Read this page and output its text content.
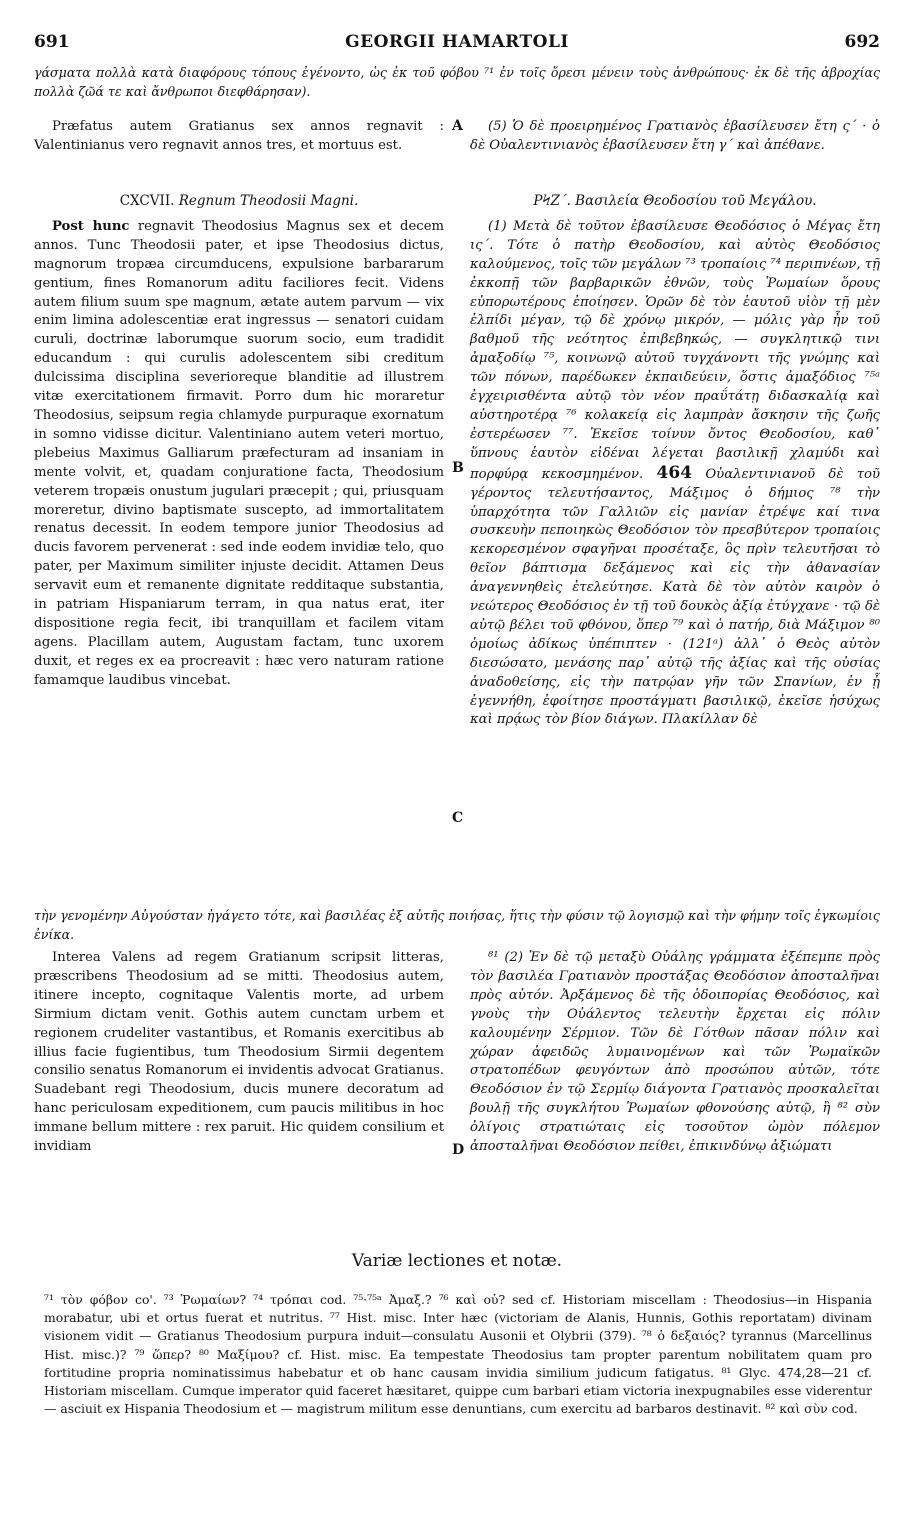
691	GEORGII HAMARTOLI	692
γάσματα πολλὰ κατὰ διαφόρους τόπους ἐγένοντο, ὡς ἐκ τοῦ φόβου ⁷¹ ἐν τοῖς ὄρεσι μένειν τοὺς ἀνθρώπους· ἐκ δὲ τῆς ἀβροχίας πολλὰ ζῶά τε καὶ ἄνθρωποι διεφθάρησαν).

Præfatus autem Gratianus sex annos regnavit : Valentinianus vero regnavit annos tres, et mortuus est.

(5) Ὁ δὲ προειρημένος Γρατιανὸς ἐβασίλευσεν ἔτη ς΄ · ὁ δὲ Οὐαλεντινιανὸς ἐβασίλευσεν ἔτη γ΄ καὶ ἀπέθανε.

A
CXCVII. Regnum Theodosii Magni.

Post hunc regnavit Theodosius Magnus sex et decem annos. Tunc Theodosii pater, et ipse Theodosius dictus, magnorum tropæa circumducens, expulsione barbararum gentium, fines Romanorum aditu faciliores fecit. Videns autem filium suum spe magnum, ætate autem parvum — vix enim limina adolescentiæ erat ingressus — senatori cuidam curuli, doctrinæ laborumque suorum socio, eum tradidit educandum : qui curulis adolescentem sibi creditum dulcissima disciplina severioreque blanditie ad illustrem vitæ exercitationem firmavit. Porro dum hic moraretur Theodosius, seipsum regia chlamyde purpuraque exornatum in somno vidisse dicitur. Valentiniano autem veteri mortuo, plebeius Maximus Galliarum præfecturam ad insaniam in mente volvit, et, quadam conjuratione facta, Theodosium veterem tropæis onustum jugulari præcepit ; qui, priusquam moreretur, divino baptismate suscepto, ad immortalitatem renatus decessit. In eodem tempore junior Theodosius ad ducis favorem pervenerat : sed inde eodem invidiæ telo, quo pater, per Maximum similiter injuste decidit. Attamen Deus servavit eum et remanente dignitate redditaque substantia, in patriam Hispaniarum terram, in qua natus erat, iter dispositione regia fecit, ibi tranquillam et facilem vitam agens. Placillam autem, Augustam factam, tunc uxorem duxit, et reges ex ea procreavit : hæc vero naturam ratione famamque laudibus vincebat.

ΡϞΖ΄. Βασιλεία Θεοδοσίου τοῦ Μεγάλου.

(1) Μετὰ δὲ τοῦτον ἐβασίλευσε Θεοδόσιος ὁ Μέγας ἔτη ις΄. Τότε ὁ πατὴρ Θεοδοσίου, καὶ αὐτὸς Θεοδόσιος καλούμενος, τοῖς τῶν μεγάλων ⁷³ τροπαίοις ⁷⁴ περιπνέων, τῇ ἐκκοπῇ τῶν βαρβαρικῶν ἐθνῶν, τοὺς Ῥωμαίων ὅρους εὐπορωτέρους ἐποίησεν. Ὁρῶν δὲ τὸν ἑαυτοῦ υἱὸν τῇ μὲν ἐλπίδι μέγαν, τῷ δὲ χρόνῳ μικρόν, — μόλις γὰρ ἦν τοῦ βαθμοῦ τῆς νεότητος ἐπιβεβηκώς, — συγκλητικῷ τινι ἀμαξοδίῳ ⁷⁵, κοινωνῷ αὐτοῦ τυγχάνοντι τῆς γνώμης καὶ τῶν πόνων, παρέδωκεν ἐκπαιδεύειν, ὅστις ἀμαξόδιος ⁷⁵ᵃ ἐγχειρισθέντα αὐτῷ τὸν νέον πραΰτάτῃ διδασκαλίᾳ καὶ αὐστηροτέρᾳ ⁷⁶ κολακείᾳ εἰς λαμπρὰν ἄσκησιν τῆς ζωῆς ἐστερέωσεν ⁷⁷. Ἐκεῖσε τοίνυν ὄντος Θεοδοσίου, καθ᾽ ὕπνους ἑαυτὸν εἰδέναι λέγεται βασιλικῇ χλαμύδι καὶ πορφύρᾳ κεκοσμημένον. 464 Οὐαλεντινιανοῦ δὲ τοῦ γέροντος τελευτήσαντος, Μάξιμος ὁ δήμιος ⁷⁸ τὴν ὑπαρχότητα τῶν Γαλλιῶν εἰς μανίαν ἐτρέψε καί τινα συσκευὴν πεποιηκὼς Θεοδόσιον τὸν πρεσβύτερον τροπαίοις κεκορεσμένον σφαγῆναι προσέταξε, ὃς πρὶν τελευτῆσαι τὸ θεῖον βάπτισμα δεξάμενος καὶ εἰς τὴν ἀθανασίαν ἀναγεννηθεὶς ἐτελεύτησε. Κατὰ δὲ τὸν αὐτὸν καιρὸν ὁ νεώτερος Θεοδόσιος ἐν τῇ τοῦ δουκὸς ἀξίᾳ ἐτύγχανε · τῷ δὲ αὐτῷ βέλει τοῦ φθόνου, ὅπερ ⁷⁹ καὶ ὁ πατήρ, διὰ Μάξιμον ⁸⁰ ὁμοίως ἀδίκως ὑπέπιπτεν · (121ᵃ) ἀλλ᾽ ὁ Θεὸς αὐτὸν διεσώσατο, μενάσης παρ᾽ αὐτῷ τῆς ἀξίας καὶ τῆς οὐσίας ἀναδοθείσης, εἰς τὴν πατρῴαν γῆν τῶν Σπανίων, ἐν ᾗ ἐγεννήθη, ἐφοίτησε προστάγματι βασιλικῷ, ἐκεῖσε ἡσύχως καὶ πρᾴως τὸν βίον διάγων. Πλακίλλαν δὲ

B
C
τὴν γενομένην Αὐγούσταν ἠγάγετο τότε, καὶ βασιλέας ἐξ αὐτῆς ποιήσας, ἥτις τὴν φύσιν τῷ λογισμῷ καὶ τὴν φήμην τοῖς ἐγκωμίοις ἐνίκα.

Interea Valens ad regem Gratianum scripsit litteras, præscribens Theodosium ad se mitti. Theodosius autem, itinere incepto, cognitaque Valentis morte, ad urbem Sirmium dictam venit. Gothis autem cunctam urbem et regionem crudeliter vastantibus, et Romanis exercitibus ab illius facie fugientibus, tum Theodosium Sirmii degentem consilio senatus Romanorum ei invidentis advocat Gratianus. Suadebant regi Theodosium, ducis munere decoratum ad hanc periculosam expeditionem, cum paucis militibus in hoc immane bellum mittere : rex paruit. Hic quidem consilium et invidiam

⁸¹ (2) Ἐν δὲ τῷ μεταξὺ Οὐάλης γράμματα ἐξέπεμπε πρὸς τὸν βασιλέα Γρατιανὸν προστάξας Θεοδόσιον ἀποσταλῆναι πρὸς αὐτόν. Ἀρξάμενος δὲ τῆς ὁδοιπορίας Θεοδόσιος, καὶ γνοὺς τὴν Οὐάλεντος τελευτὴν ἔρχεται εἰς πόλιν καλουμένην Σέρμιον. Τῶν δὲ Γότθων πᾶσαν πόλιν καὶ χώραν ἀφειδῶς λυμαινομένων καὶ τῶν Ῥωμαϊκῶν στρατοπέδων φευγόντων ἀπὸ προσώπου αὐτῶν, τότε Θεοδόσιον ἐν τῷ Σερμίῳ διάγοντα Γρατιανὸς προσκαλεῖται βουλῇ τῆς συγκλήτου Ῥωμαίων φθονούσης αὐτῷ, ἢ ⁸² σὺν ὀλίγοις στρατιώταις εἰς τοσοῦτον ὠμὸν πόλεμον ἀποσταλῆναι Θεοδόσιον πείθει, ἐπικινδύνῳ ἀξιώματι

D
Variæ lectiones et notæ.
⁷¹ τὸν φόβον co'. ⁷³ Ῥωμαίων? ⁷⁴ τρόπαι cod. ⁷⁵·⁷⁵ᵃ Ἀμαξ.? ⁷⁶ καὶ οὐ? sed cf. Historiam miscellam : Theodosius—in Hispania morabatur, ubi et ortus fuerat et nutritus. ⁷⁷ Hist. misc. Inter hæc (victoriam de Alanis, Hunnis, Gothis reportatam) divinam visionem vidit — Gratianus Theodosium purpura induit—consulatu Ausonii et Olybrii (379). ⁷⁸ ὁ δεξαιός? tyrannus (Marcellinus Hist. misc.)? ⁷⁹ ὥπερ? ⁸⁰ Μαξίμου? cf. Hist. misc. Ea tempestate Theodosius tam propter parentum nobilitatem quam pro fortitudine propria nominatissimus habebatur et ob hanc causam invidia similium judicum fatigatus. ⁸¹ Glyc. 474,28—21 cf. Historiam miscellam. Cumque imperator quid faceret hæsitaret, quippe cum barbari etiam victoria inexpugnabiles esse viderentur — asciuit ex Hispania Theodosium et — magistrum militum esse denuntians, cum exercitu ad barbaros destinavit. ⁸² καὶ σὺν cod.
